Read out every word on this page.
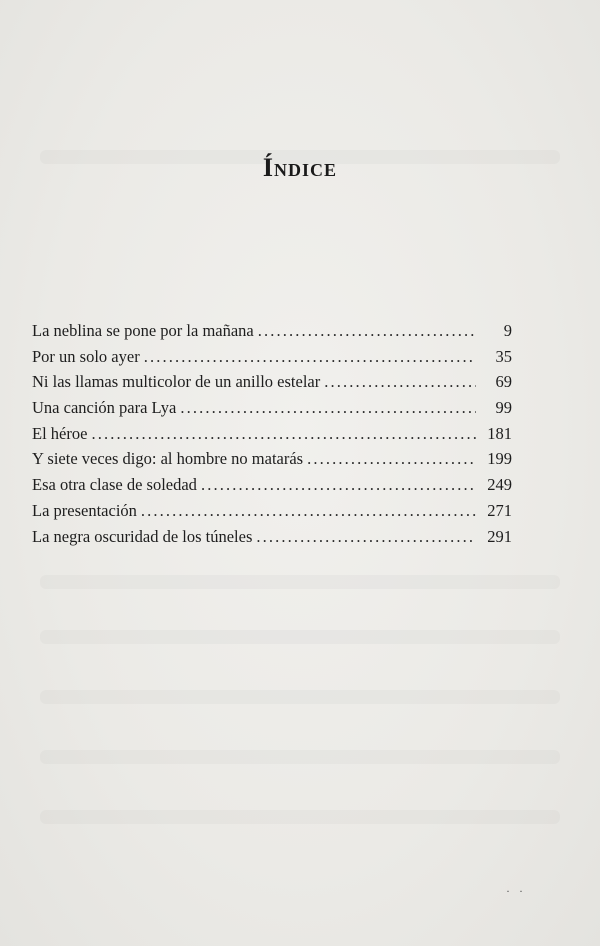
Índice
La neblina se pone por la mañana . . .	9
Por un solo ayer . . .	35
Ni las llamas multicolor de un anillo estelar . . .	69
Una canción para Lya . . .	99
El héroe . . .	181
Y siete veces digo: al hombre no matarás . . .	199
Esa otra clase de soledad . . .	249
La presentación . . .	271
La negra oscuridad de los túneles . . .	291
· ·
